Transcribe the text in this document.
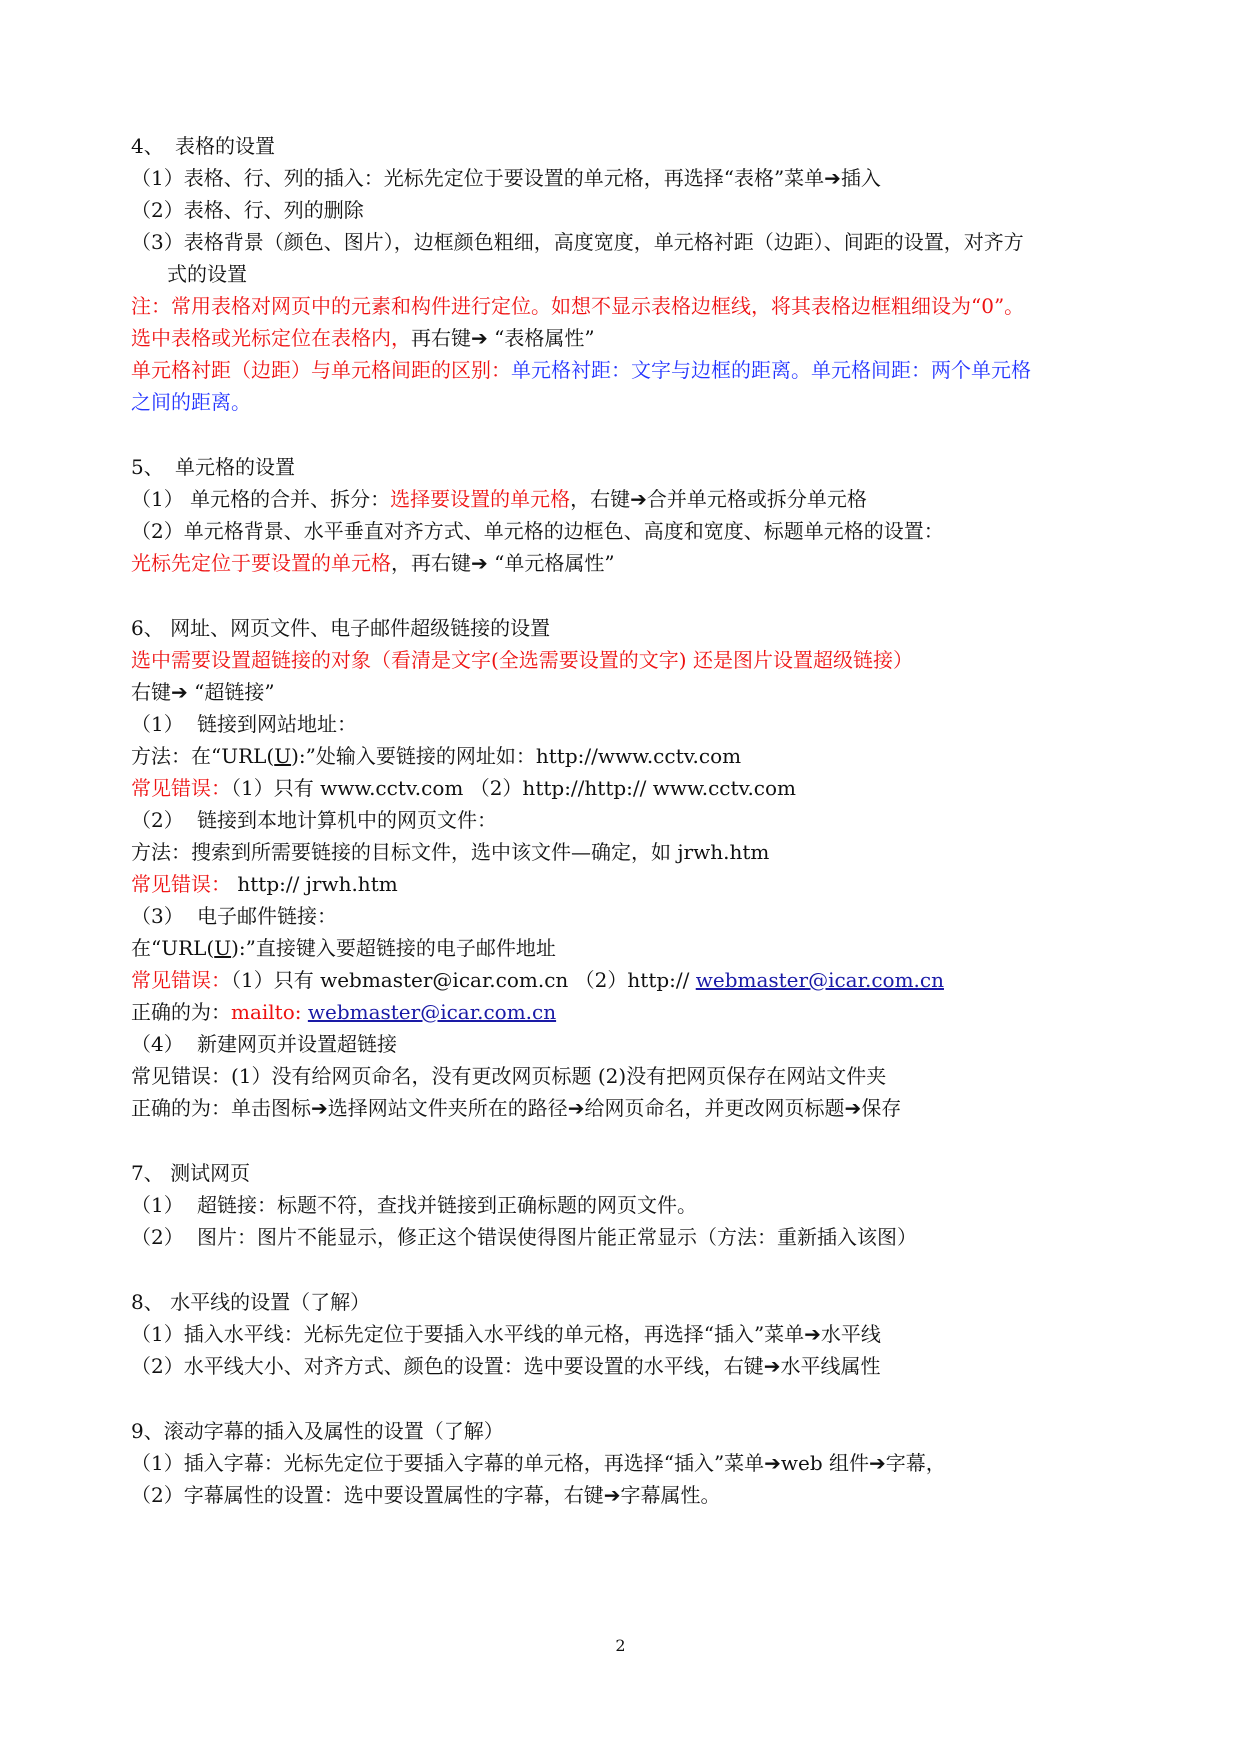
4、 表格的设置
（1）表格、行、列的插入：光标先定位于要设置的单元格，再选择“表格”菜单➔插入
（2）表格、行、列的删除
（3）表格背景（颜色、图片），边框颜色粗细，高度宽度，单元格衬距（边距）、间距的设置，对齐方
式的设置
注：常用表格对网页中的元素和构件进行定位。如想不显示表格边框线，将其表格边框粗细设为“0”。
选中表格或光标定位在表格内，再右键➔ “表格属性”
单元格衬距（边距）与单元格间距的区别：单元格衬距：文字与边框的距离。单元格间距：两个单元格
之间的距离。
5、 单元格的设置
（1） 单元格的合并、拆分：选择要设置的单元格，右键➔合并单元格或拆分单元格
（2）单元格背景、水平垂直对齐方式、单元格的边框色、高度和宽度、标题单元格的设置：
光标先定位于要设置的单元格，再右键➔ “单元格属性”
6、 网址、网页文件、电子邮件超级链接的设置
选中需要设置超链接的对象（看清是文字(全选需要设置的文字) 还是图片设置超级链接）
右键➔ “超链接”
（1） 链接到网站地址：
方法：在“URL(U):”处输入要链接的网址如：http://www.cctv.com
常见错误：（1）只有 www.cctv.com （2）http://http:// www.cctv.com
（2） 链接到本地计算机中的网页文件：
方法：搜索到所需要链接的目标文件，选中该文件—确定，如 jrwh.htm
常见错误： http:// jrwh.htm
（3） 电子邮件链接：
在“URL(U):”直接键入要超链接的电子邮件地址
常见错误：（1）只有 webmaster@icar.com.cn （2）http:// webmaster@icar.com.cn
正确的为：mailto: webmaster@icar.com.cn
（4） 新建网页并设置超链接
常见错误：(1）没有给网页命名，没有更改网页标题 (2)没有把网页保存在网站文件夹
正确的为：单击图标➔选择网站文件夹所在的路径➔给网页命名，并更改网页标题➔保存
7、 测试网页
（1） 超链接：标题不符，查找并链接到正确标题的网页文件。
（2） 图片：图片不能显示，修正这个错误使得图片能正常显示（方法：重新插入该图）
8、 水平线的设置（了解）
（1）插入水平线：光标先定位于要插入水平线的单元格，再选择“插入”菜单➔水平线
（2）水平线大小、对齐方式、颜色的设置：选中要设置的水平线，右键➔水平线属性
9、滚动字幕的插入及属性的设置（了解）
（1）插入字幕：光标先定位于要插入字幕的单元格，再选择“插入”菜单➔web 组件➔字幕，
（2）字幕属性的设置：选中要设置属性的字幕，右键➔字幕属性。
2
